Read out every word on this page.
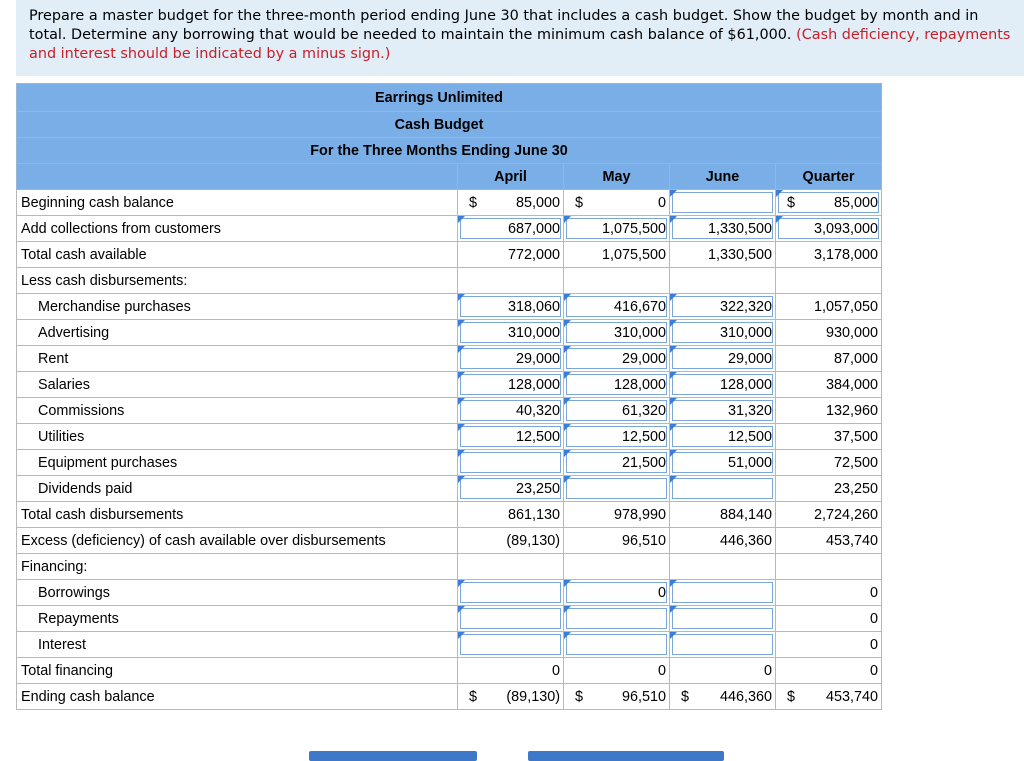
Prepare a master budget for the three-month period ending June 30 that includes a cash budget. Show the budget by month and in total. Determine any borrowing that would be needed to maintain the minimum cash balance of $61,000. (Cash deficiency, repayments and interest should be indicated by a minus sign.)
Earrings Unlimited				
Cash Budget				
For the Three Months Ending June 30				
	April	May	June	Quarter
Beginning cash balance	$ 85,000	$ 0		$ 85,000

Add collections from customers	687,000	1,075,500	1,330,500	3,093,000

Total cash available	772,000	1,075,500	1,330,500	3,178,000

Less cash disbursements:	

Merchandise purchases	318,060	416,670	322,320	1,057,050

Advertising	310,000	310,000	310,000	930,000

Rent	29,000	29,000	29,000	87,000

Salaries	128,000	128,000	128,000	384,000

Commissions	40,320	61,320	31,320	132,960

Utilities	12,500	12,500	12,500	37,500

Equipment purchases		21,500	51,000	72,500

Dividends paid	23,250			23,250

Total cash disbursements	861,130	978,990	884,140	2,724,260

Excess (deficiency) of cash available over disbursements	(89,130)	96,510	446,360	453,740

Financing:	

Borrowings		0		0

Repayments				0

Interest				0

Total financing	0	0	0	0

Ending cash balance	$ (89,130)	$ 96,510	$ 446,360	$ 453,740
